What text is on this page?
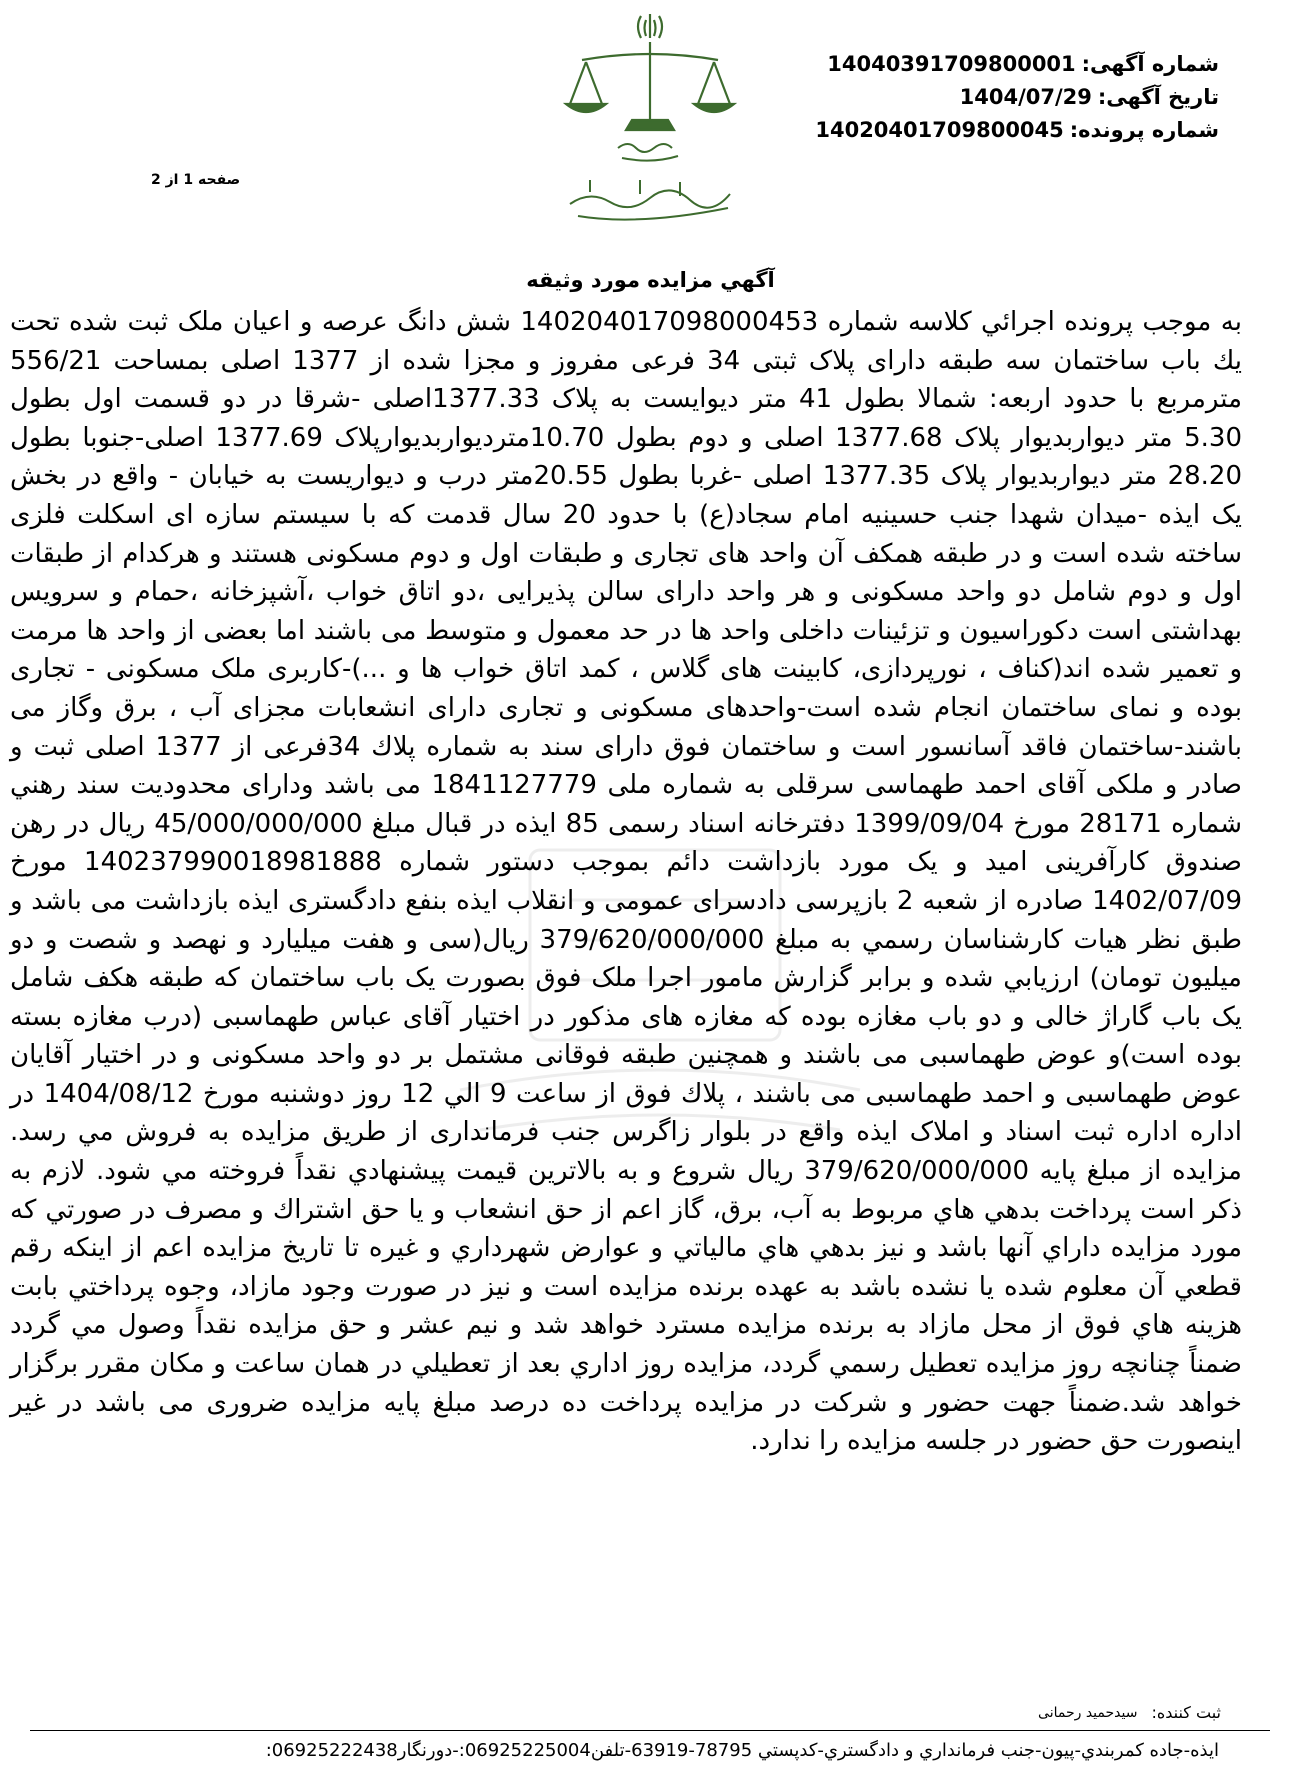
شماره آگهی:
14040391709800001
تاریخ آگهی:
1404/07/29
شماره پرونده:
14020401709800045
صفحه 1 از 2
آگهي مزايده مورد وثيقه
به موجب پرونده اجرائي كلاسه شماره 140204017098000453 شش دانگ عرصه و اعیان ملک ثبت شده تحت يك باب ساختمان سه طبقه دارای پلاک ثبتی 34 فرعی مفروز و مجزا شده از 1377 اصلی بمساحت 556/21 مترمربع با حدود اربعه: شمالا بطول 41 متر دیوایست به پلاک 1377.33اصلی -شرقا در دو قسمت اول بطول 5.30 متر دیواربدیوار پلاک 1377.68 اصلی و دوم بطول 10.70متردیواربدیوارپلاک 1377.69 اصلی-جنوبا بطول 28.20 متر دیواربدیوار پلاک 1377.35 اصلی -غربا بطول 20.55متر درب و دیواریست به خیابان - واقع در بخش یک ایذه -میدان شهدا جنب حسینیه امام سجاد(ع) با حدود 20 سال قدمت که با سیستم سازه ای اسکلت فلزی ساخته شده است و در طبقه همکف آن واحد های تجاری و طبقات اول و دوم مسکونی هستند و هرکدام از طبقات اول و دوم شامل دو واحد مسکونی و هر واحد دارای سالن پذیرایی ،دو اتاق خواب ،آشپزخانه ،حمام و سرویس بهداشتی است دکوراسیون و تزئینات داخلی واحد ها در حد معمول و متوسط می باشند اما بعضی از واحد ها مرمت و تعمیر شده اند(کناف ، نورپردازی، کابینت های گلاس ، کمد اتاق خواب ها و ...)-کاربری ملک مسکونی - تجاری بوده و نمای ساختمان انجام شده است-واحدهای مسکونی و تجاری دارای انشعابات مجزای آب ، برق وگاز می باشند-ساختمان فاقد آسانسور است و ساختمان فوق دارای سند به شماره پلاك 34فرعی از 1377 اصلی ثبت و صادر و ملکی آقای احمد طهماسی سرقلی به شماره ملی 1841127779 می باشد ودارای محدودیت سند رهني شماره 28171 مورخ 1399/09/04 دفترخانه اسناد رسمی 85 ایذه در قبال مبلغ 45/000/000/000 ریال در رهن صندوق کارآفرینی امید و یک مورد بازداشت دائم بموجب دستور شماره 140237990018981888 مورخ 1402/07/09 صادره از شعبه 2 بازپرسی دادسرای عمومی و انقلاب ایذه بنفع دادگستری ایذه بازداشت می باشد و طبق نظر هیات کارشناسان رسمي به مبلغ 379/620/000/000 ریال(سی و هفت میلیارد و نهصد و شصت و دو میلیون تومان) ارزيابي شده و برابر گزارش مامور اجرا ملک فوق بصورت یک باب ساختمان که طبقه هکف شامل یک باب گاراژ خالی و دو باب مغازه بوده که مغازه های مذکور در اختیار آقای عباس طهماسبی (درب مغازه بسته بوده است)و عوض طهماسبی می باشند و همچنین طبقه فوقانی مشتمل بر دو واحد مسکونی و در اختیار آقایان عوض طهماسبی و احمد طهماسبی می باشند ، پلاك فوق از ساعت 9 الي 12 روز دوشنبه مورخ 1404/08/12 در اداره اداره ثبت اسناد و املاک ایذه واقع در بلوار زاگرس جنب فرمانداری از طريق مزايده به فروش مي رسد. مزايده از مبلغ پايه 379/620/000/000 ريال شروع و به بالاترين قيمت پيشنهادي نقداً فروخته مي شود. لازم به ذكر است پرداخت بدهي هاي مربوط به آب، برق، گاز اعم از حق انشعاب و يا حق اشتراك و مصرف در صورتي كه مورد مزايده داراي آنها باشد و نيز بدهي هاي مالياتي و عوارض شهرداري و غيره تا تاريخ مزايده اعم از اينكه رقم قطعي آن معلوم شده يا نشده باشد به عهده برنده مزايده است و نيز در صورت وجود مازاد، وجوه پرداختي بابت هزينه هاي فوق از محل مازاد به برنده مزايده مسترد خواهد شد و نيم عشر و حق مزايده نقداً وصول مي گردد ضمناً چنانچه روز مزايده تعطيل رسمي گردد، مزايده روز اداري بعد از تعطيلي در همان ساعت و مكان مقرر برگزار خواهد شد.ضمناً جهت حضور و شرکت در مزایده پرداخت ده درصد مبلغ پایه مزایده ضروری می باشد در غیر اینصورت حق حضور در جلسه مزایده را ندارد.
ثبت کننده:
سیدحمید رحمانی
ایذه-جاده کمربندي-پيون-جنب فرمانداري و دادگستري-کدپستي 78795-63919-تلفن06925225004:-دورنگار06925222438:
